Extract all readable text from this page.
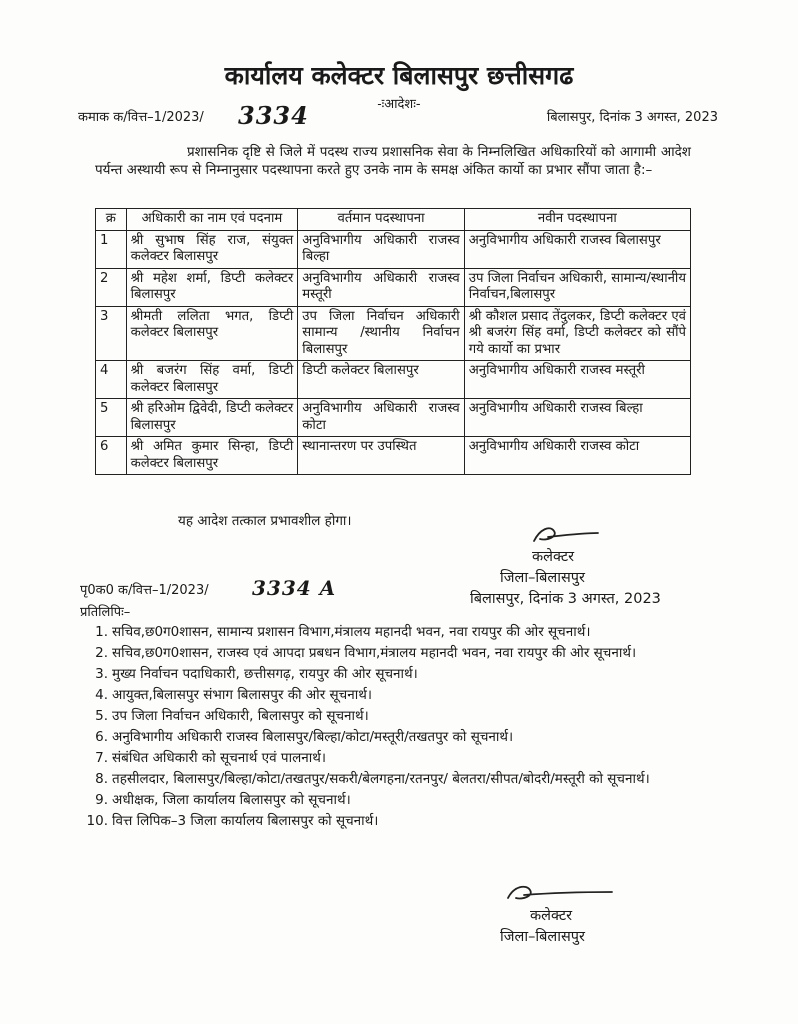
कार्यालय कलेक्टर बिलासपुर छत्तीसगढ
-ःआदेशः-
कमाक क/वित्त–1/2023/ 3334	बिलासपुर, दिनांक 3 अगस्त, 2023
प्रशासनिक दृष्टि से जिले में पदस्थ राज्य प्रशासनिक सेवा के निम्नलिखित अधिकारियों को आगामी आदेश पर्यन्त अस्थायी रूप से निम्नानुसार पदस्थापना करते हुए उनके नाम के समक्ष अंकित कार्यो का प्रभार सौंपा जाता है:–
क्र	अधिकारी का नाम एवं पदनाम	वर्तमान पदस्थापना	नवीन पदस्थापना
1	श्री सुभाष सिंह राज, संयुक्त कलेक्टर बिलासपुर	अनुविभागीय अधिकारी राजस्व बिल्हा	अनुविभागीय अधिकारी राजस्व बिलासपुर
2	श्री महेश शर्मा, डिप्टी कलेक्टर बिलासपुर	अनुविभागीय अधिकारी राजस्व मस्तूरी	उप जिला निर्वाचन अधिकारी, सामान्य/स्थानीय निर्वाचन,बिलासपुर
3	श्रीमती ललिता भगत, डिप्टी कलेक्टर बिलासपुर	उप जिला निर्वाचन अधिकारी सामान्य /स्थानीय निर्वाचन बिलासपुर	श्री कौशल प्रसाद तेंदुलकर, डिप्टी कलेक्टर एवं श्री बजरंग सिंह वर्मा, डिप्टी कलेक्टर को सौंपे गये कार्यो का प्रभार
4	श्री बजरंग सिंह वर्मा, डिप्टी कलेक्टर बिलासपुर	डिप्टी कलेक्टर बिलासपुर	अनुविभागीय अधिकारी राजस्व मस्तूरी
5	श्री हरिओम द्विवेदी, डिप्टी कलेक्टर बिलासपुर	अनुविभागीय अधिकारी राजस्व कोटा	अनुविभागीय अधिकारी राजस्व बिल्हा
6	श्री अमित कुमार सिन्हा, डिप्टी कलेक्टर बिलासपुर	स्थानान्तरण पर उपस्थित	अनुविभागीय अधिकारी राजस्व कोटा
यह आदेश तत्काल प्रभावशील होगा।
कलेक्टर
जिला–बिलासपुर
बिलासपुर, दिनांक 3 अगस्त, 2023
पृ0क0 क/वित्त–1/2023/ 3334 A
प्रतिलिपिः–
1. सचिव,छ0ग0शासन, सामान्य प्रशासन विभाग,मंत्रालय महानदी भवन, नवा रायपुर की ओर सूचनार्थ।
2. सचिव,छ0ग0शासन, राजस्व एवं आपदा प्रबधन विभाग,मंत्रालय महानदी भवन, नवा रायपुर की ओर सूचनार्थ।
3. मुख्य निर्वाचन पदाधिकारी, छत्तीसगढ़, रायपुर की ओर सूचनार्थ।
4. आयुक्त,बिलासपुर संभाग बिलासपुर की ओर सूचनार्थ।
5. उप जिला निर्वाचन अधिकारी, बिलासपुर को सूचनार्थ।
6. अनुविभागीय अधिकारी राजस्व बिलासपुर/बिल्हा/कोटा/मस्तूरी/तखतपुर को सूचनार्थ।
7. संबंधित अधिकारी को सूचनार्थ एवं पालनार्थ।
8. तहसीलदार, बिलासपुर/बिल्हा/कोटा/तखतपुर/सकरी/बेलगहना/रतनपुर/ बेलतरा/सीपत/बोदरी/मस्तूरी को सूचनार्थ।
9. अधीक्षक, जिला कार्यालय बिलासपुर को सूचनार्थ।
10. वित्त लिपिक–3 जिला कार्यालय बिलासपुर को सूचनार्थ।
कलेक्टर
जिला–बिलासपुर
